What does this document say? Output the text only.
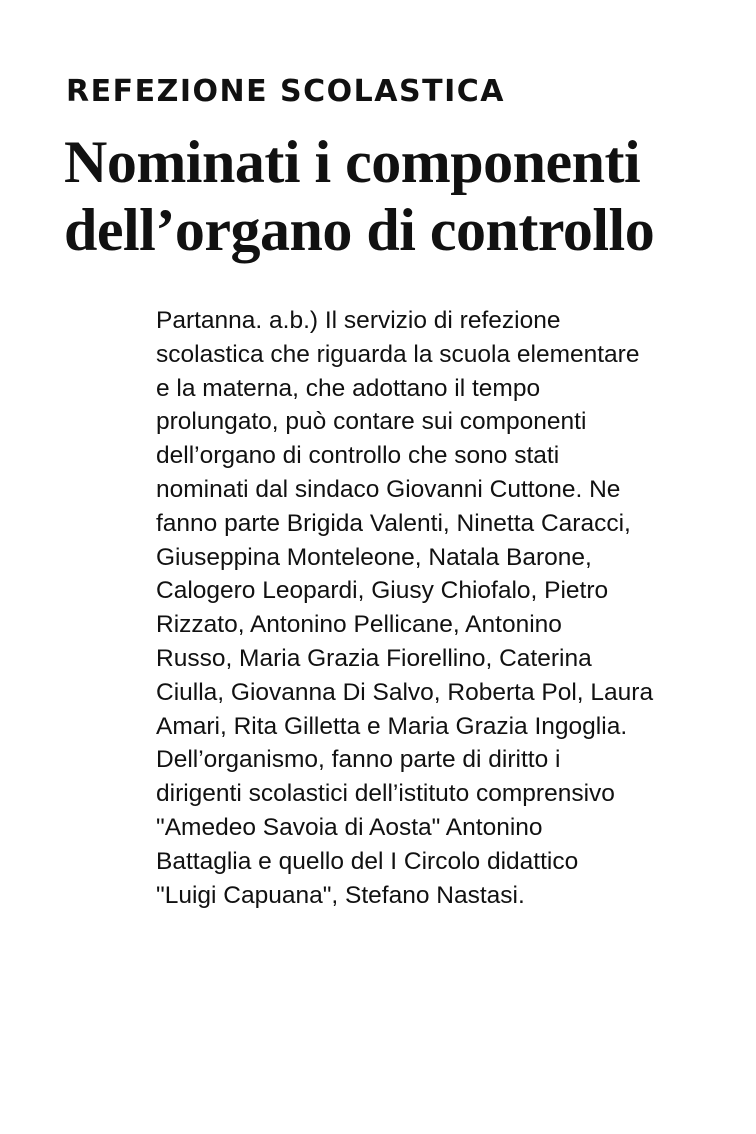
REFEZIONE SCOLASTICA
Nominati i componenti
dell’organo di controllo
Partanna. a.b.) Il servizio di refezione
scolastica che riguarda la scuola elementare
e la materna, che adottano il tempo
prolungato, può contare sui componenti
dell’organo di controllo che sono stati
nominati dal sindaco Giovanni Cuttone. Ne
fanno parte Brigida Valenti, Ninetta Caracci,
Giuseppina Monteleone, Natala Barone,
Calogero Leopardi, Giusy Chiofalo, Pietro
Rizzato, Antonino Pellicane, Antonino
Russo, Maria Grazia Fiorellino, Caterina
Ciulla, Giovanna Di Salvo, Roberta Pol, Laura
Amari, Rita Gilletta e Maria Grazia Ingoglia.
Dell’organismo, fanno parte di diritto i
dirigenti scolastici dell’istituto comprensivo
"Amedeo Savoia di Aosta" Antonino
Battaglia e quello del I Circolo didattico
"Luigi Capuana", Stefano Nastasi.
